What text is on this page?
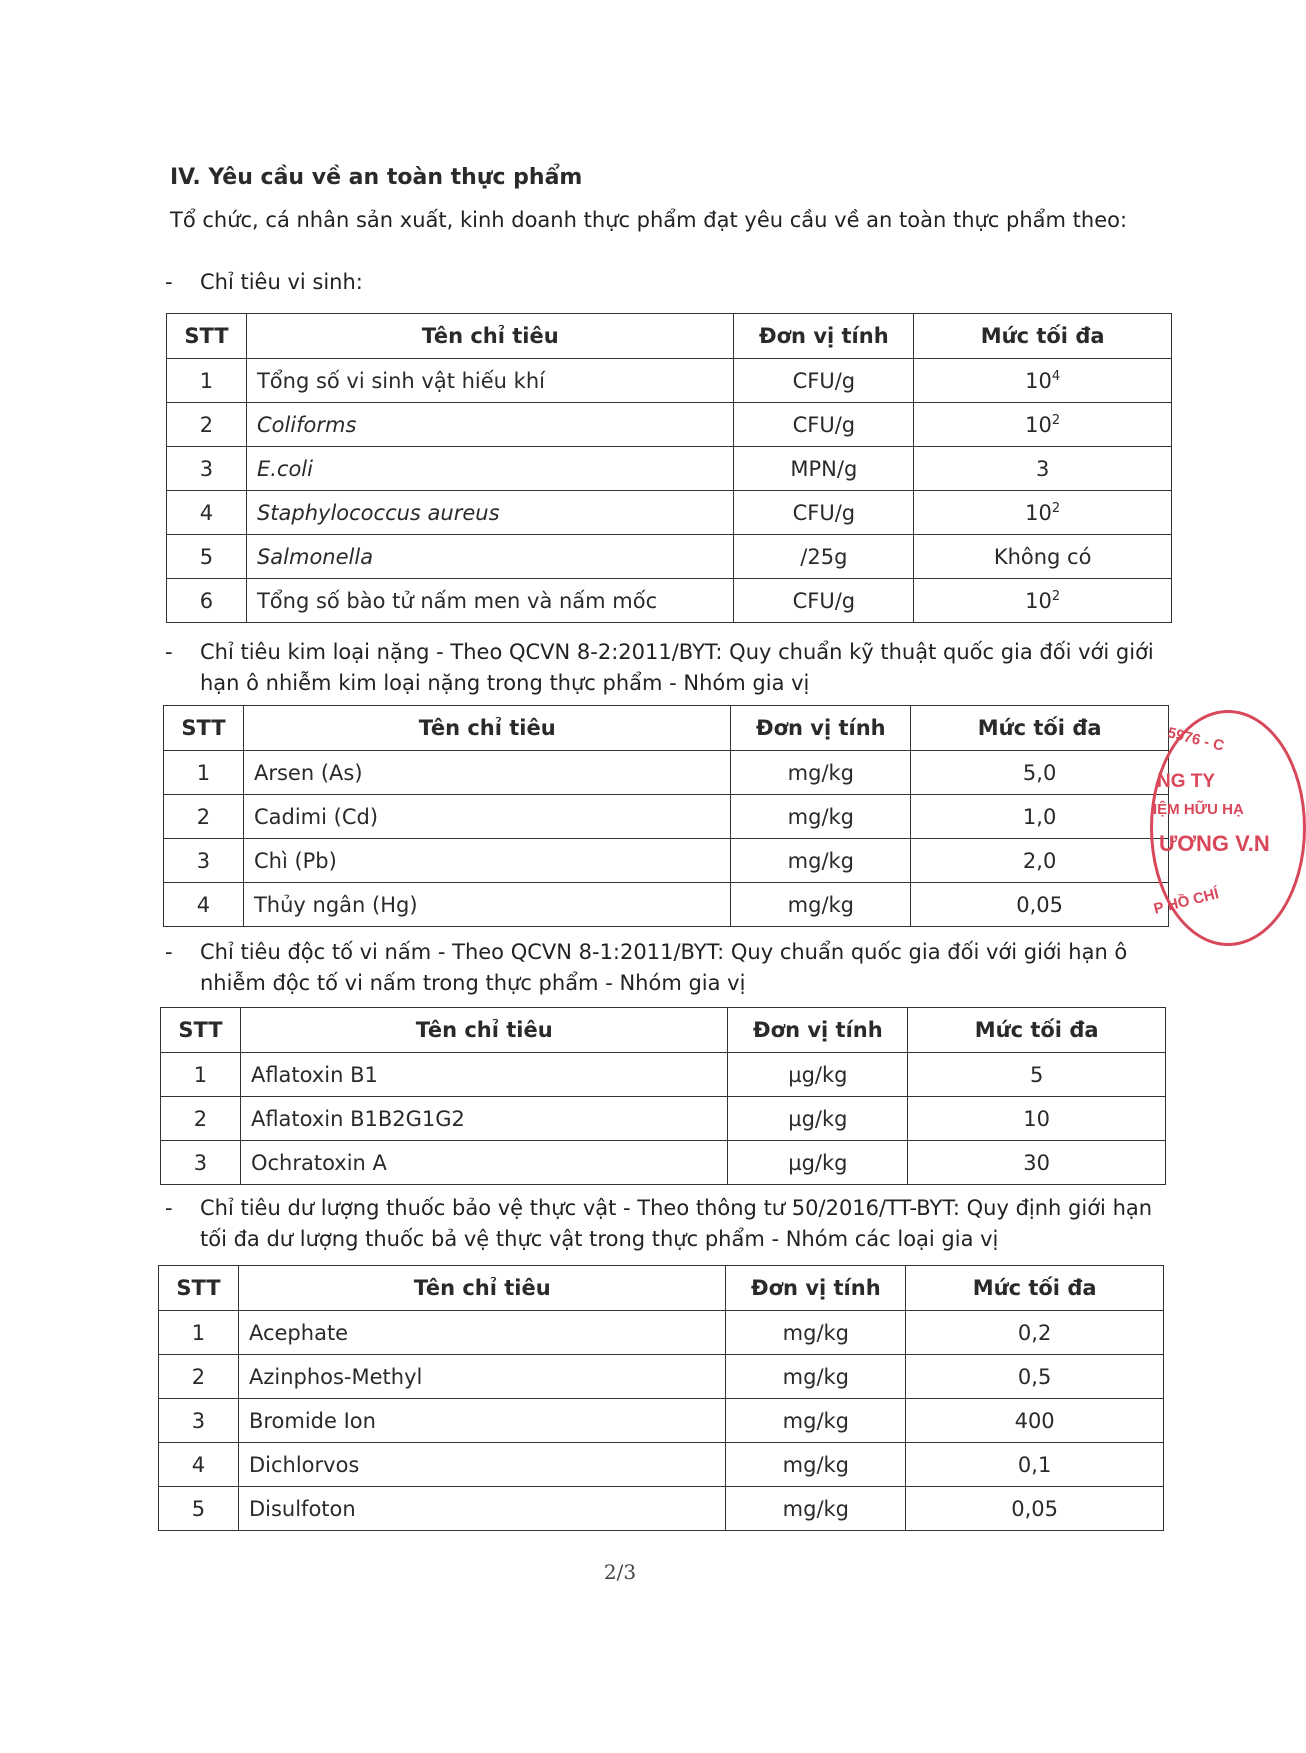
IV. Yêu cầu về an toàn thực phẩm
Tổ chức, cá nhân sản xuất, kinh doanh thực phẩm đạt yêu cầu về an toàn thực phẩm theo:
- Chỉ tiêu vi sinh:
STT	Tên chỉ tiêu	Đơn vị tính	Mức tối đa
1	Tổng số vi sinh vật hiếu khí	CFU/g	$10^4$
2	Coliforms	CFU/g	$10^2$
3	E.coli	MPN/g	3
4	Staphylococcus aureus	CFU/g	$10^2$
5	Salmonella	/25g	Không có
6	Tổng số bào tử nấm men và nấm mốc	CFU/g	$10^2$
- Chỉ tiêu kim loại nặng - Theo QCVN 8-2:2011/BYT: Quy chuẩn kỹ thuật quốc gia đối với giới hạn ô nhiễm kim loại nặng trong thực phẩm - Nhóm gia vị
STT	Tên chỉ tiêu	Đơn vị tính	Mức tối đa
1	Arsen (As)	mg/kg	5,0
2	Cadimi (Cd)	mg/kg	1,0
3	Chì (Pb)	mg/kg	2,0
4	Thủy ngân (Hg)	mg/kg	0,05
- Chỉ tiêu độc tố vi nấm - Theo QCVN 8-1:2011/BYT: Quy chuẩn quốc gia đối với giới hạn ô nhiễm độc tố vi nấm trong thực phẩm - Nhóm gia vị
STT	Tên chỉ tiêu	Đơn vị tính	Mức tối đa
1	Aflatoxin B1	µg/kg	5
2	Aflatoxin B1B2G1G2	µg/kg	10
3	Ochratoxin A	µg/kg	30
- Chỉ tiêu dư lượng thuốc bảo vệ thực vật - Theo thông tư 50/2016/TT-BYT: Quy định giới hạn tối đa dư lượng thuốc bả vệ thực vật trong thực phẩm - Nhóm các loại gia vị
STT	Tên chỉ tiêu	Đơn vị tính	Mức tối đa
1	Acephate	mg/kg	0,2
2	Azinphos-Methyl	mg/kg	0,5
3	Bromide Ion	mg/kg	400
4	Dichlorvos	mg/kg	0,1
5	Disulfoton	mg/kg	0,05
5976 - C
NG TY
IỆM HỮU HẠ
ƯƠNG V.N
P HỒ CHÍ
2/3
